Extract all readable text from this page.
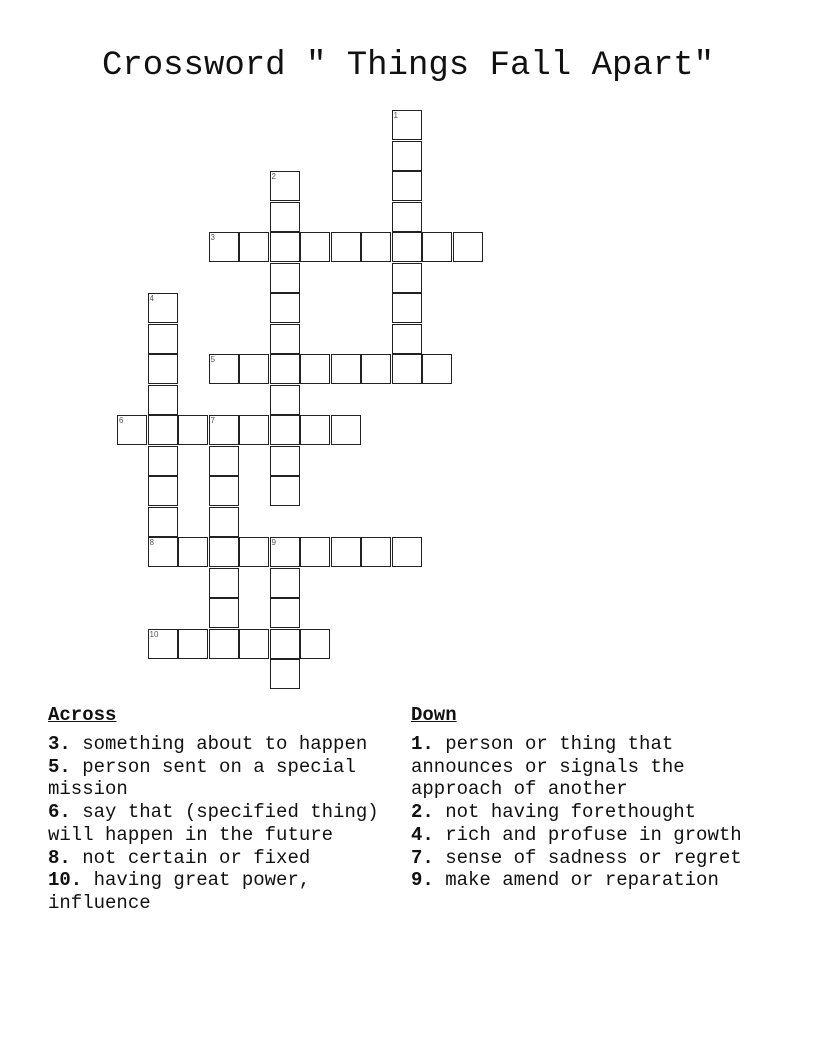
Crossword " Things Fall Apart"
1
2
3
4
5
6	7
8	9
10
Across

3. something about to happen

5. person sent on a special mission

6. say that (specified thing) will happen in the future

8. not certain or fixed

10. having great power, influence

Down

1. person or thing that announces or signals the approach of another

2. not having forethought

4. rich and profuse in growth

7. sense of sadness or regret

9. make amend or reparation
